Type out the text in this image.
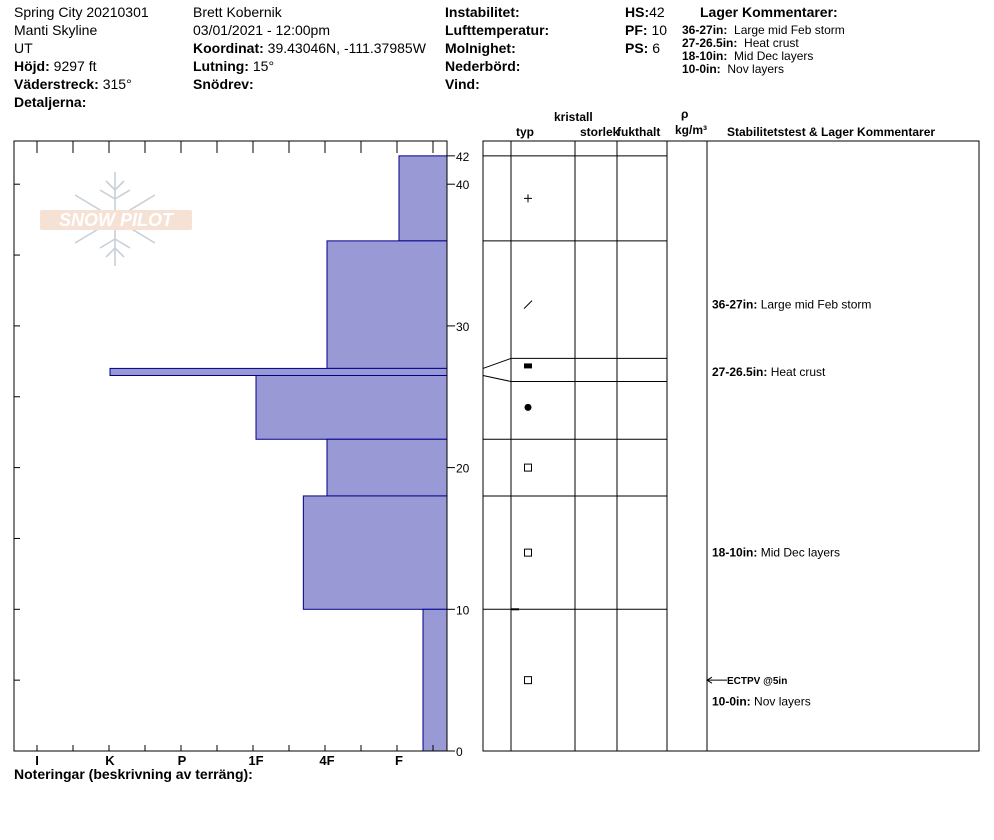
Spring City 20210301
Manti Skyline
UT
Höjd: 9297 ft
Väderstreck: 315°
Detaljerna:
Brett Kobernik
03/01/2021 - 12:00pm
Koordinat: 39.43046N, -111.37985W
Lutning: 15°
Snödrev:
Instabilitet:
Lufttemperatur:
Molnighet:
Nederbörd:
Vind:
HS:42
PF: 10
PS: 6
Lager Kommentarer:
36-27in: Large mid Feb storm
27-26.5in: Heat crust
18-10in: Mid Dec layers
10-0in: Nov layers
kristall
typ	storlek
fukthalt
ρ
kg/m³ Stabilitetstest & Lager Kommentarer
Noteringar (beskrivning av terräng):
SNOW PILOT
I	K	P	1F	4F	F
0
10
20
30
40
42
ECTPV @5in
36-27in: Large mid Feb storm
27-26.5in: Heat crust
18-10in: Mid Dec layers
10-0in: Nov layers
